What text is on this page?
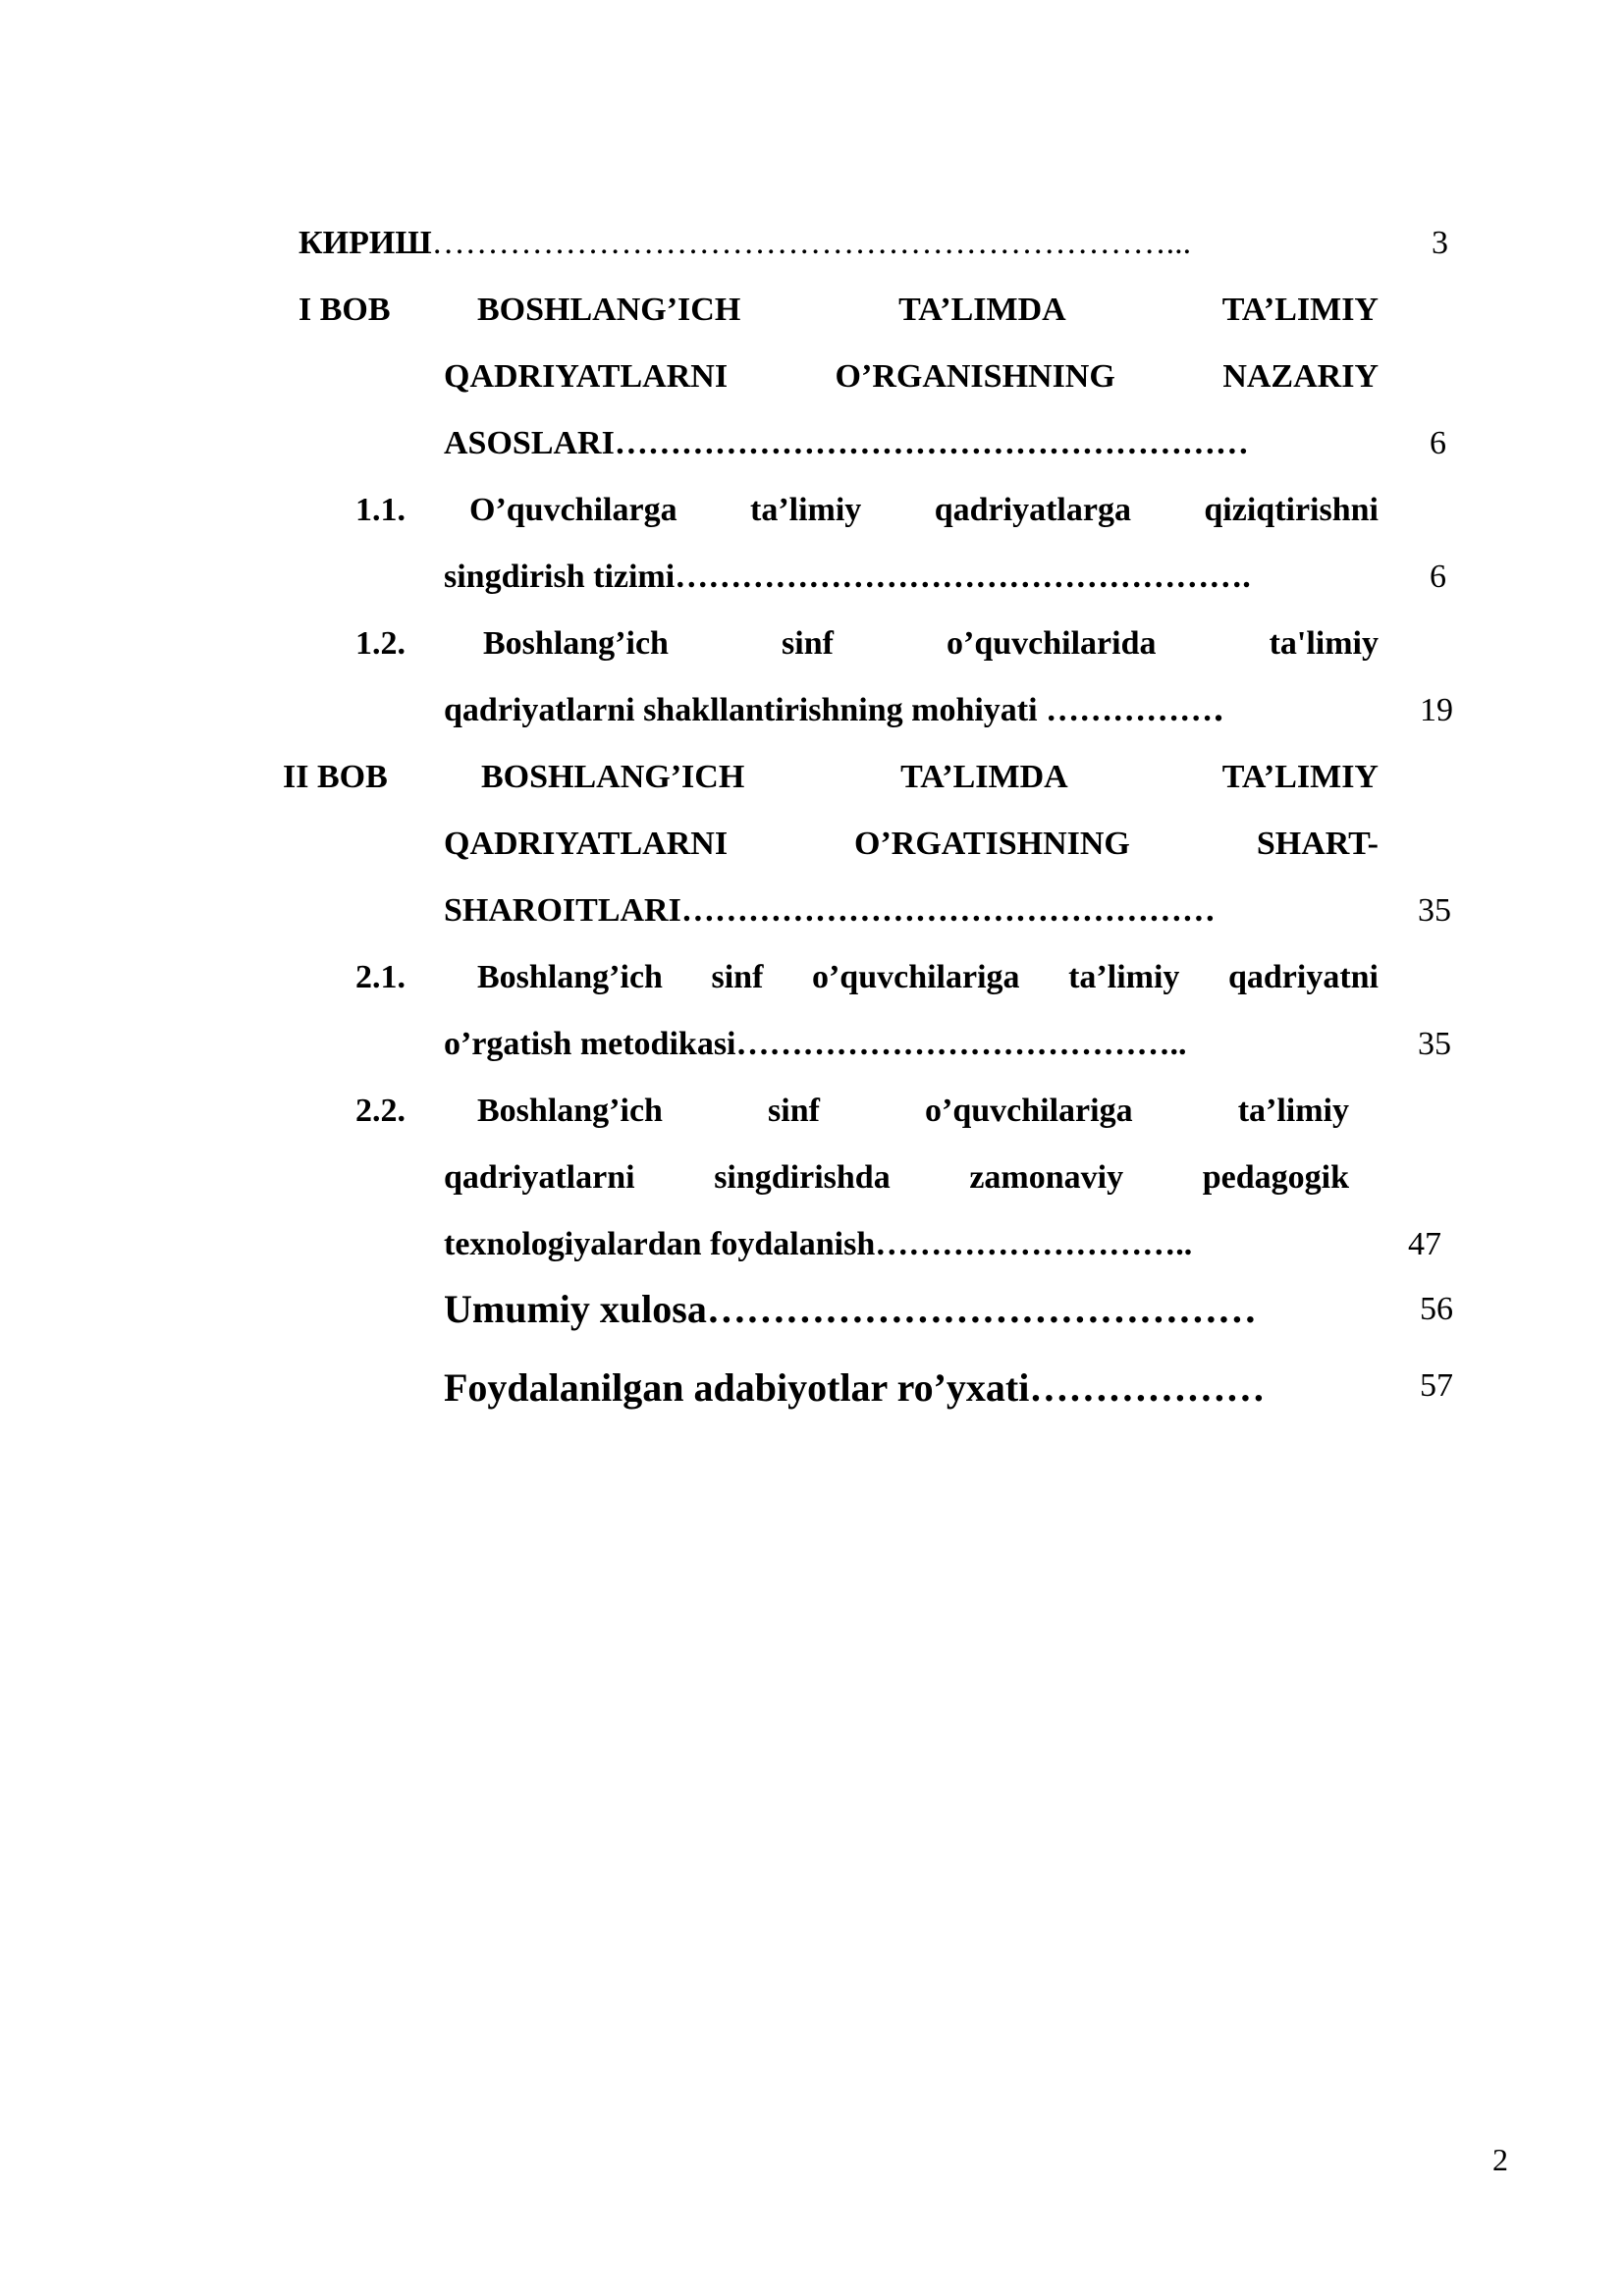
КИРИШ…………………………………………………………...	3
I BOB	BOSHLANG’ICH TA’LIMDA TA’LIMIY
QADRIYATLARNI O’RGANISHNING NAZARIY
ASOSLARI…………………………………………………	6
1.1. O’quvchilarga ta’limiy qadriyatlarga qiziqtirishni
singdirish tizimi…………………………………………….	6
1.2. Boshlang’ich sinf o’quvchilarida ta'limiy
qadriyatlarni shakllantirishning mohiyati ……………․	19
II BOB	BOSHLANG’ICH TA’LIMDA TA’LIMIY
QADRIYATLARNI O’RGATISHNING SHART-
SHAROITLARI…………………………………………	35
2.1. Boshlang’ich sinf o’quvchilariga ta’limiy qadriyatni
o’rgatish metodikasi…………………………………..	35
2.2. Boshlang’ich sinf o’quvchilariga ta’limiy
qadriyatlarni singdirishda zamonaviy pedagogik
texnologiyalardan foydalanish………………………..	47
Umumiy xulosa……………………………………	56
Foydalanilgan adabiyotlar ro’yxati………………	57
2
